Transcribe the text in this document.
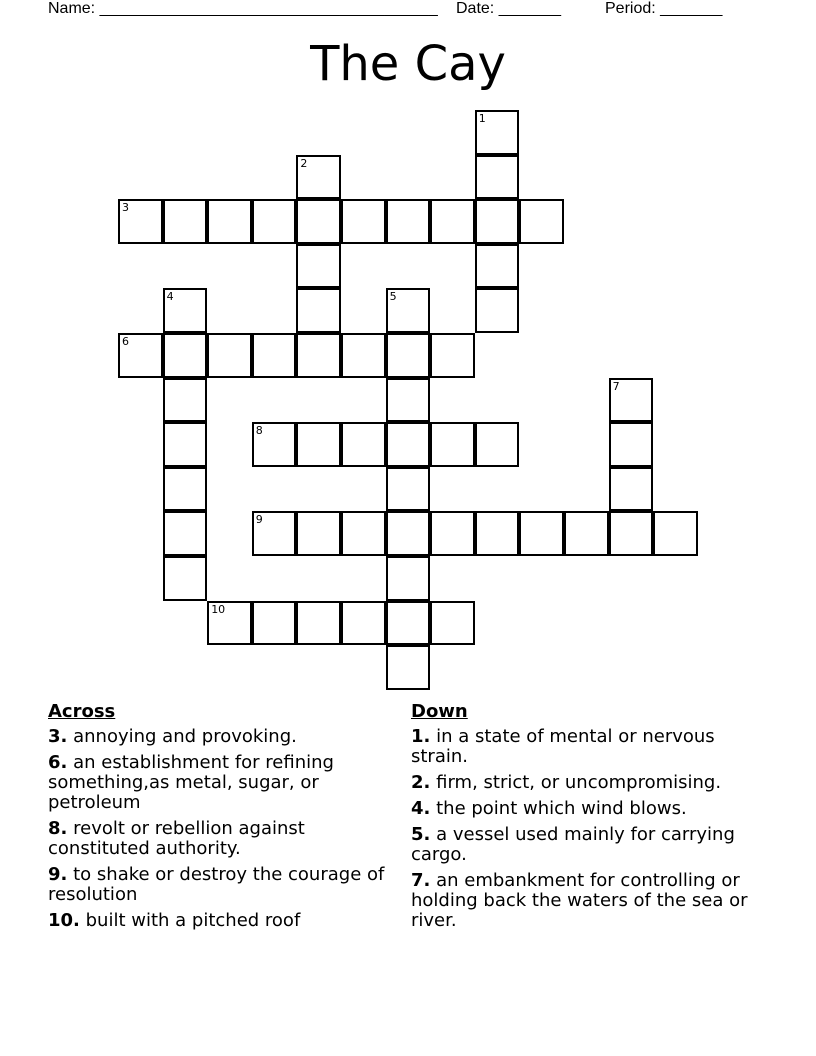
Name: ______________________________________ Date: _______	Period: _______
The Cay
1
2
3
4	5
6
7
8
9
10
Across
3. annoying and provoking.
6. an establishment for refining something,as metal, sugar, or petroleum
8. revolt or rebellion against constituted authority.
9. to shake or destroy the courage of resolution
10. built with a pitched roof
Down
1. in a state of mental or nervous strain.
2. firm, strict, or uncompromising.
4. the point which wind blows.
5. a vessel used mainly for carrying cargo.
7. an embankment for controlling or holding back the waters of the sea or river.
